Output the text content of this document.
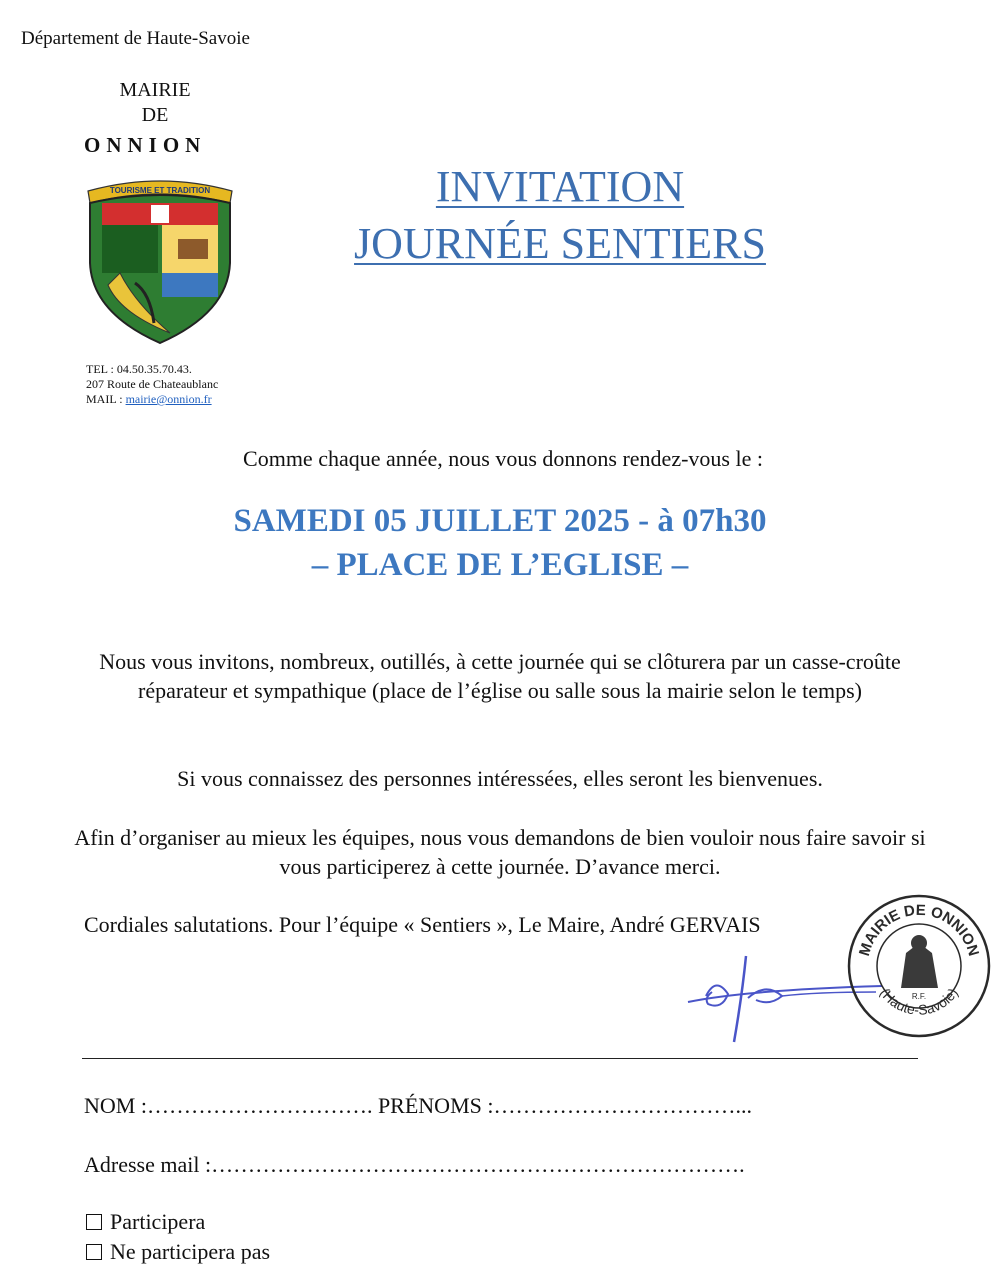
Département de Haute-Savoie
MAIRIE
DE
ONNION
TOURISME ET TRADITION
TEL : 04.50.35.70.43.
207 Route de Chateaublanc
MAIL : mairie@onnion.fr
INVITATION
JOURNÉE SENTIERS
Comme chaque année, nous vous donnons rendez-vous le :
SAMEDI 05 JUILLET 2025 - à 07h30
– PLACE DE L’EGLISE –
Nous vous invitons, nombreux, outillés, à cette journée qui se clôturera par un casse-croûte réparateur et sympathique (place de l’église ou salle sous la mairie selon le temps)
Si vous connaissez des personnes intéressées, elles seront les bienvenues.
Afin d’organiser au mieux les équipes, nous vous demandons de bien vouloir nous faire savoir si vous participerez à cette journée. D’avance merci.
Cordiales salutations. Pour l’équipe « Sentiers », Le Maire, André GERVAIS
MAIRIE DE ONNION
(Haute-Savoie)
R.F.
NOM :…………………………. PRÉNOMS :……………………………...
Adresse mail :……………………………………………………………….
Participera
Ne participera pas
